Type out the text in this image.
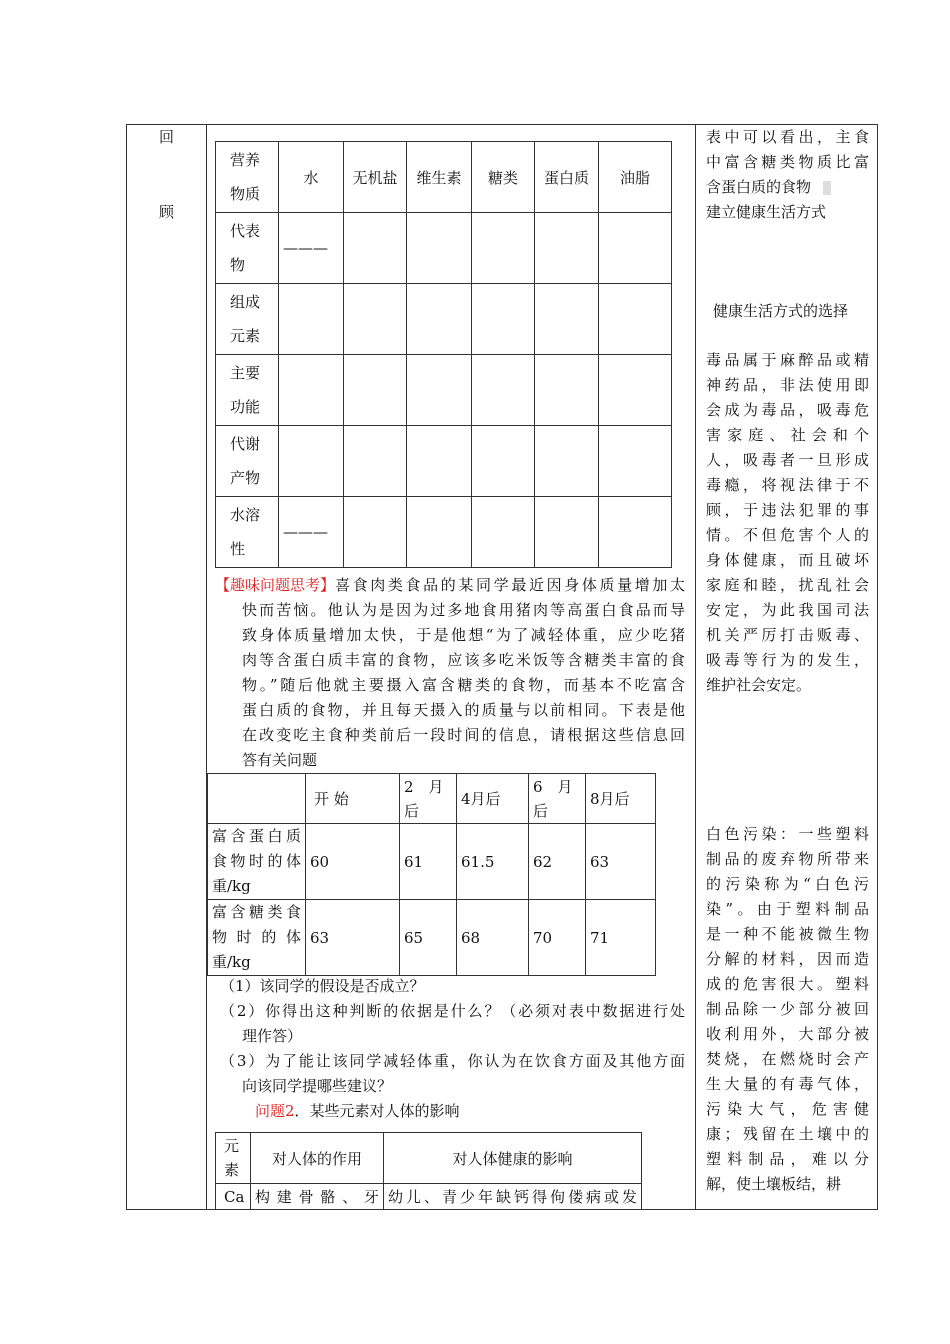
回
顾
营养物质	水	无机盐	维生素	糖类	蛋白质	油脂
代表物	———					
组成元素						
主要功能						
代谢产物						
水溶性	———					
【趣味问题思考】 喜食肉类食品的某同学最近因身体质量增加太
快而苦恼。他认为是因为过多地食用猪肉等高蛋白食品而导
致身体质量增加太快，于是他想“为了减轻体重，应少吃猪
肉等含蛋白质丰富的食物，应该多吃米饭等含糖类丰富的食
物。”随后他就主要摄入富含糖类的食物，而基本不吃富含
蛋白质的食物，并且每天摄入的质量与以前相同。下表是他
在改变吃主食种类前后一段时间的信息，请根据这些信息回
答有关问题
	开 始	2　月后	4月后	6　月后	8月后
富含蛋白质食物时的体重/kg	60	61	61.5	62	63
富含糖类食物时的体重/kg	63	65	68	70	71
（1）该同学的假设是否成立？
（2）你得出这种判断的依据是什么？（必须对表中数据进行处
理作答）
（3）为了能让该同学减轻体重，你认为在饮食方面及其他方面
向该同学提哪些建议？
问题2．某些元素对人体的影响
元素	对人体的作用	对人体健康的影响
Ca	构建骨骼、牙	幼儿、青少年缺钙得佝偻病或发
表中可以看出，主食
中富含糖类物质比富
含蛋白质的食物
建立健康生活方式
健康生活方式的选择
毒品属于麻醉品或精
神药品，非法使用即
会成为毒品，吸毒危
害家庭、社会和个
人，吸毒者一旦形成
毒瘾，将视法律于不
顾，于违法犯罪的事
情。不但危害个人的
身体健康，而且破坏
家庭和睦，扰乱社会
安定，为此我国司法
机关严厉打击贩毒、
吸毒等行为的发生，
维护社会安定。
白色污染：一些塑料
制品的废弃物所带来
的污染称为“白色污
染”。由于塑料制品
是一种不能被微生物
分解的材料，因而造
成的危害很大。塑料
制品除一少部分被回
收利用外，大部分被
焚烧，在燃烧时会产
生大量的有毒气体，
污染大气，危害健
康；残留在土壤中的
塑料制品，难以分
解，使土壤板结，耕
